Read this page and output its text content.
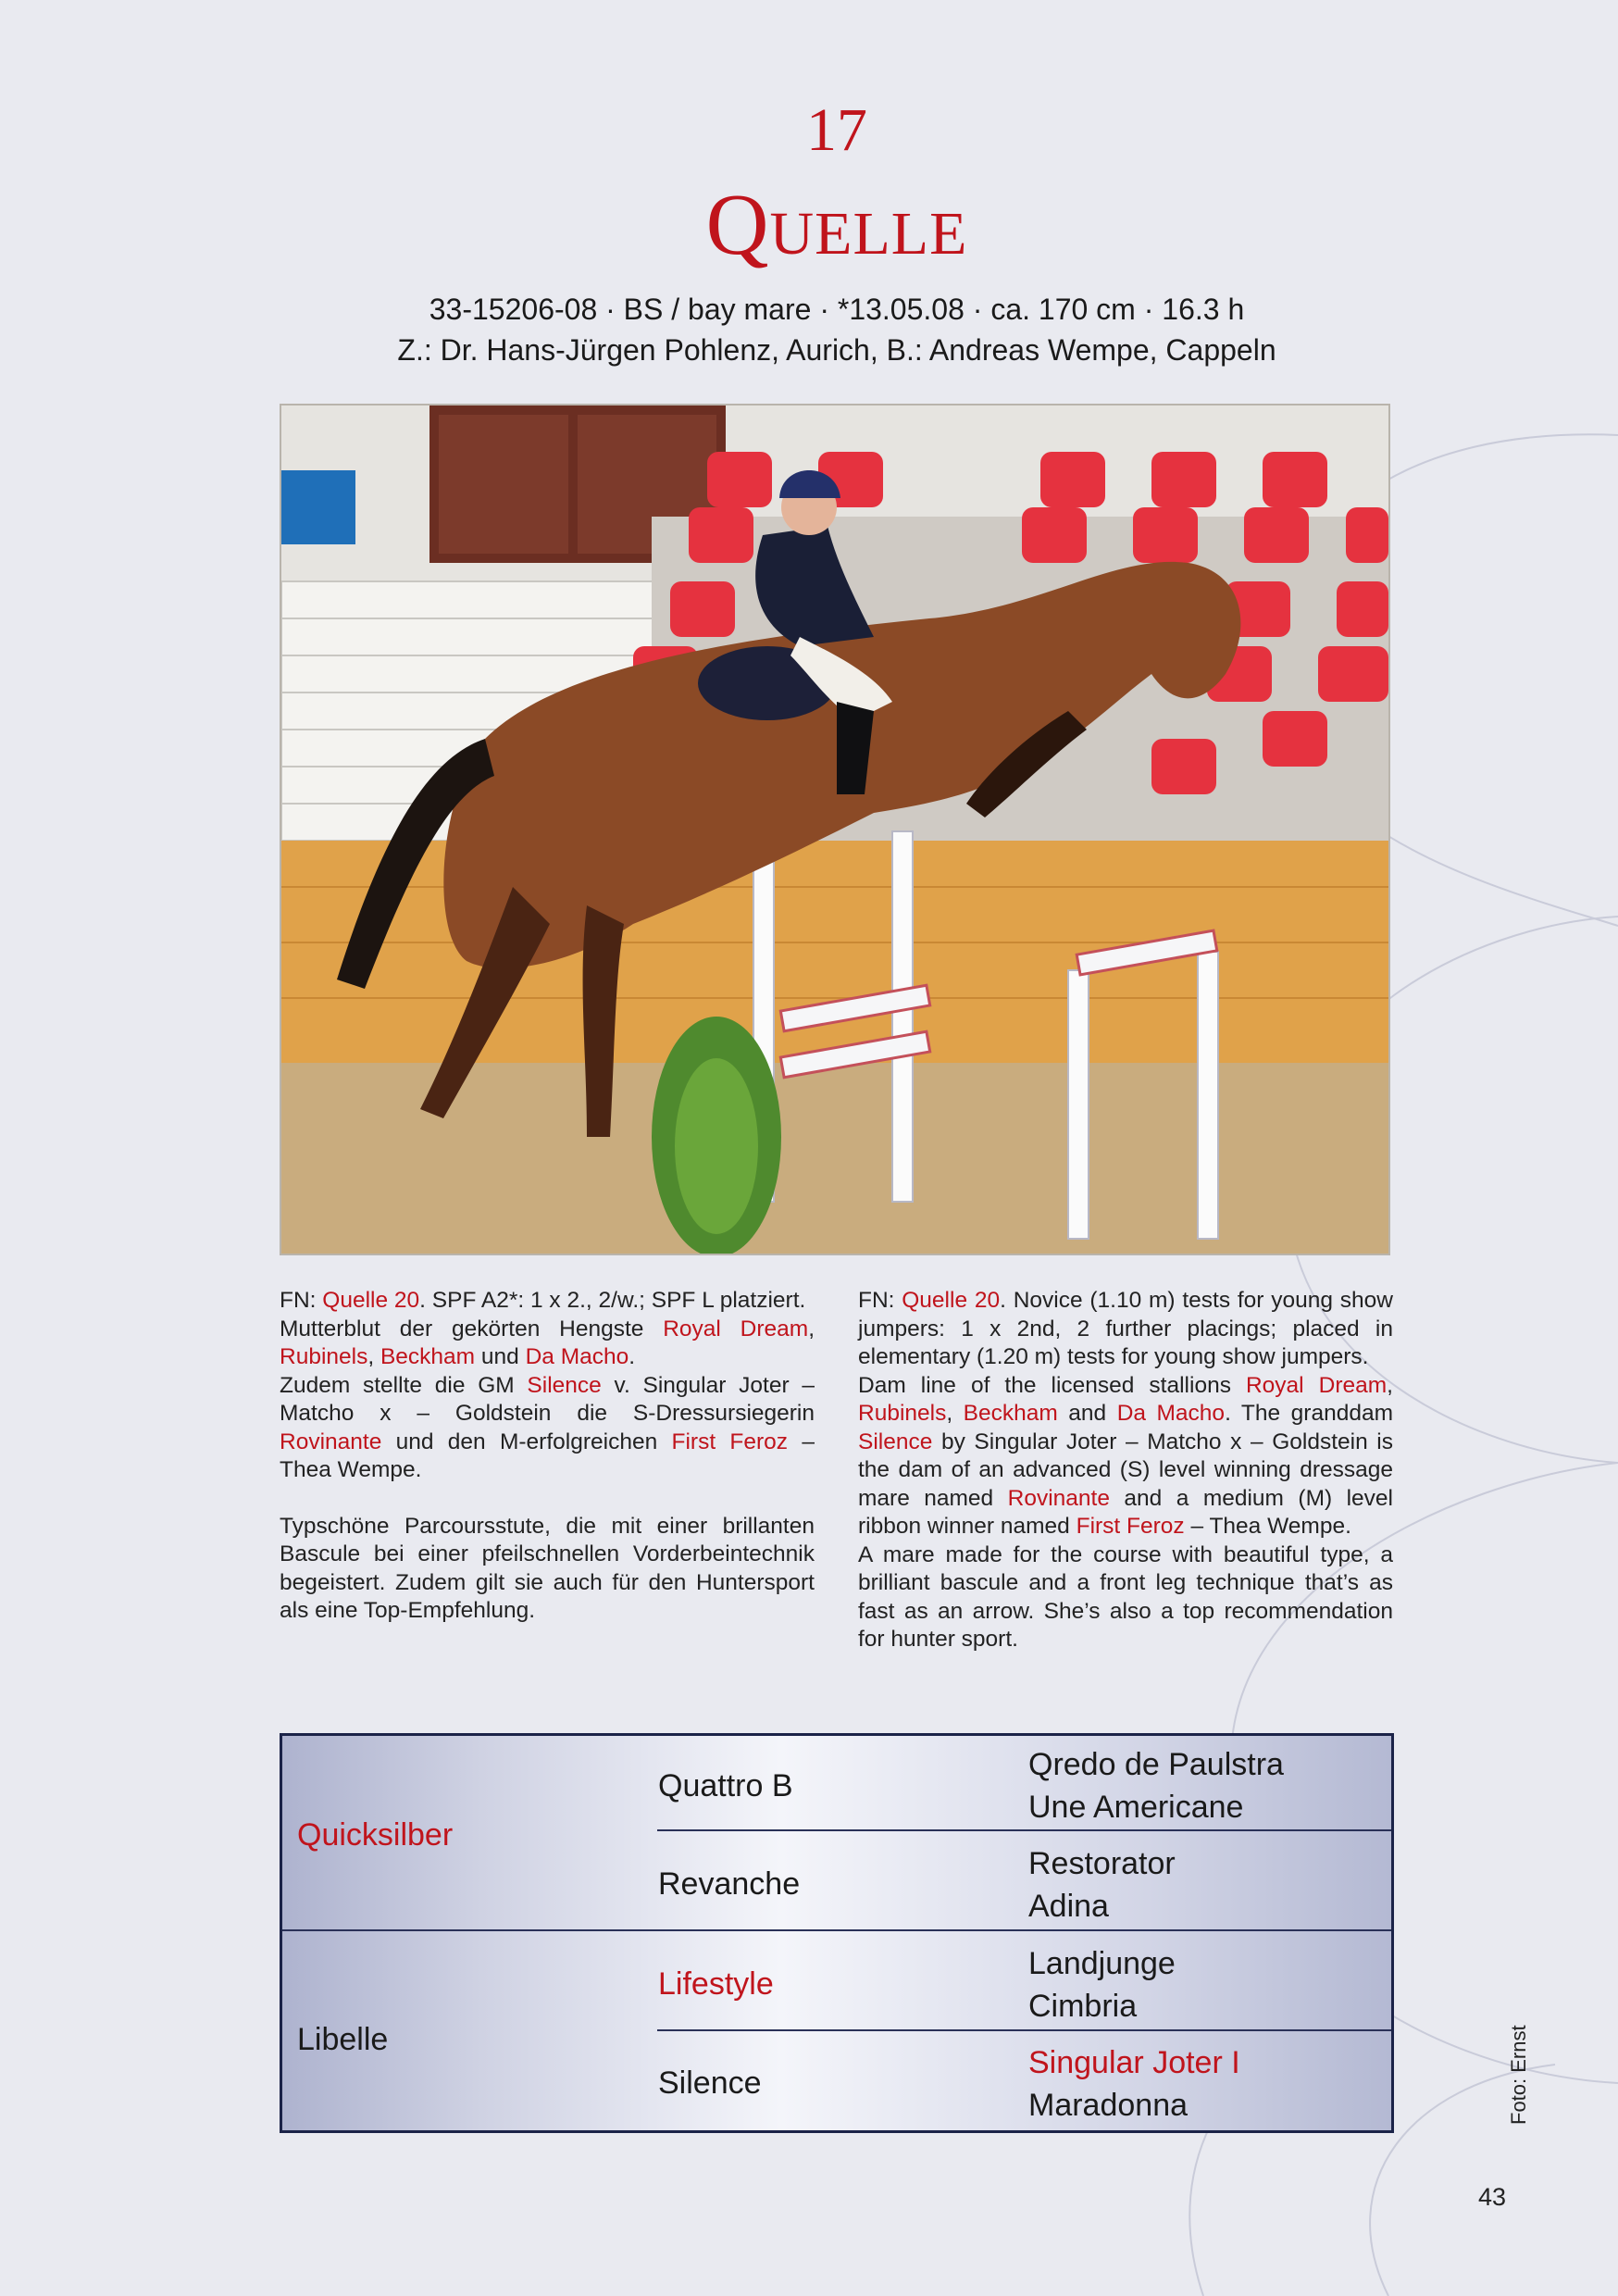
17
Quelle
33-15206-08 · BS / bay mare · *13.05.08 · ca. 170 cm · 16.3 h
Z.: Dr. Hans-Jürgen Pohlenz, Aurich, B.: Andreas Wempe, Cappeln

FN: Quelle 20. SPF A2*: 1 x 2., 2/w.; SPF L platziert.

Mutterblut der gekörten Hengste Royal Dream, Rubinels, Beckham und Da Macho.

Zudem stellte die GM Silence v. Singular Joter – Matcho x – Goldstein die S-Dressursiegerin Rovinante und den M-erfolgreichen First Feroz – Thea Wempe.

Typschöne Parcoursstute, die mit einer brillanten Bascule bei einer pfeilschnellen Vorderbeintechnik begeistert. Zudem gilt sie auch für den Huntersport als eine Top-Empfehlung.

FN: Quelle 20. Novice (1.10 m) tests for young show jumpers: 1 x 2nd, 2 further placings; placed in elementary (1.20 m) tests for young show jumpers.

Dam line of the licensed stallions Royal Dream, Rubinels, Beckham and Da Macho. The granddam Silence by Singular Joter – Matcho x – Goldstein is the dam of an advanced (S) level winning dressage mare named Rovinante and a medium (M) level ribbon winner named First Feroz – Thea Wempe.

A mare made for the course with beautiful type, a brilliant bascule and a front leg technique that’s as fast as an arrow. She’s also a top recommendation for hunter sport.

Quicksilber
Libelle
Quattro B
Revanche
Lifestyle
Silence
Qredo de Paulstra
Une Americane
Restorator
Adina
Landjunge
Cimbria
Singular Joter I
Maradonna	Foto: Ernst
43
